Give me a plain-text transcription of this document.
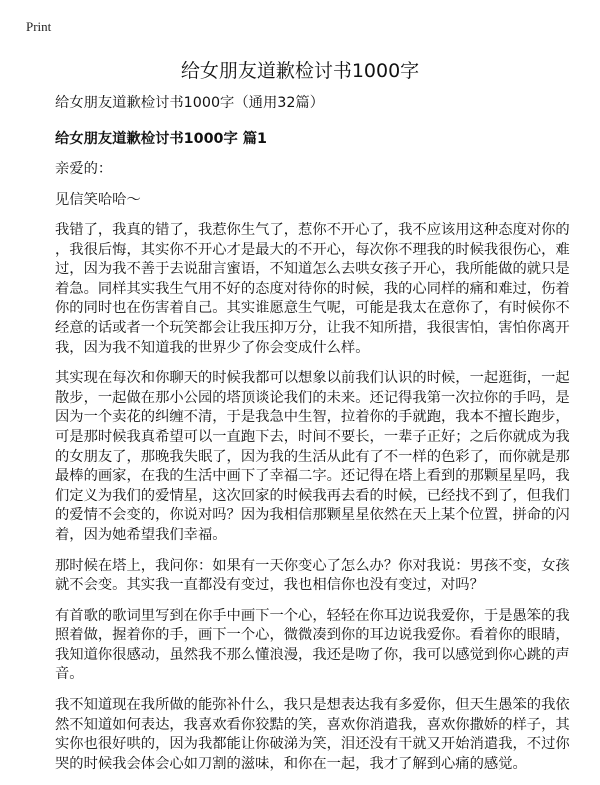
Print
给女朋友道歉检讨书1000字
给女朋友道歉检讨书1000字（通用32篇）
给女朋友道歉检讨书1000字 篇1
亲爱的：
见信笑哈哈～
我错了，我真的错了，我惹你生气了，惹你不开心了，我不应该用这种态度对你的
，我很后悔，其实你不开心才是最大的不开心，每次你不理我的时候我很伤心，难
过，因为我不善于去说甜言蜜语，不知道怎么去哄女孩子开心，我所能做的就只是
着急。同样其实我生气用不好的态度对待你的时候，我的心同样的痛和难过，伤着
你的同时也在伤害着自己。其实谁愿意生气呢，可能是我太在意你了，有时候你不
经意的话或者一个玩笑都会让我压抑万分，让我不知所措，我很害怕，害怕你离开
我，因为我不知道我的世界少了你会变成什么样。
其实现在每次和你聊天的时候我都可以想象以前我们认识的时候，一起逛街，一起
散步，一起做在那小公园的塔顶谈论我们的未来。还记得我第一次拉你的手吗，是
因为一个卖花的纠缠不清，于是我急中生智，拉着你的手就跑，我本不擅长跑步，
可是那时候我真希望可以一直跑下去，时间不要长，一辈子正好；之后你就成为我
的女朋友了，那晚我失眠了，因为我的生活从此有了不一样的色彩了，而你就是那
最棒的画家，在我的生活中画下了幸福二字。还记得在塔上看到的那颗星星吗，我
们定义为我们的爱情星，这次回家的时候我再去看的时候，已经找不到了，但我们
的爱情不会变的，你说对吗？因为我相信那颗星星依然在天上某个位置，拼命的闪
着，因为她希望我们幸福。
那时候在塔上，我问你：如果有一天你变心了怎么办？你对我说：男孩不变，女孩
就不会变。其实我一直都没有变过，我也相信你也没有变过，对吗？
有首歌的歌词里写到在你手中画下一个心，轻轻在你耳边说我爱你，于是愚笨的我
照着做，握着你的手，画下一个心，微微凑到你的耳边说我爱你。看着你的眼睛，
我知道你很感动，虽然我不那么懂浪漫，我还是吻了你，我可以感觉到你心跳的声
音。
我不知道现在我所做的能弥补什么，我只是想表达我有多爱你，但天生愚笨的我依
然不知道如何表达，我喜欢看你狡黠的笑，喜欢你消遣我，喜欢你撒娇的样子，其
实你也很好哄的，因为我都能让你破涕为笑，泪还没有干就又开始消遣我，不过你
哭的时候我会体会心如刀割的滋味，和你在一起，我才了解到心痛的感觉。
